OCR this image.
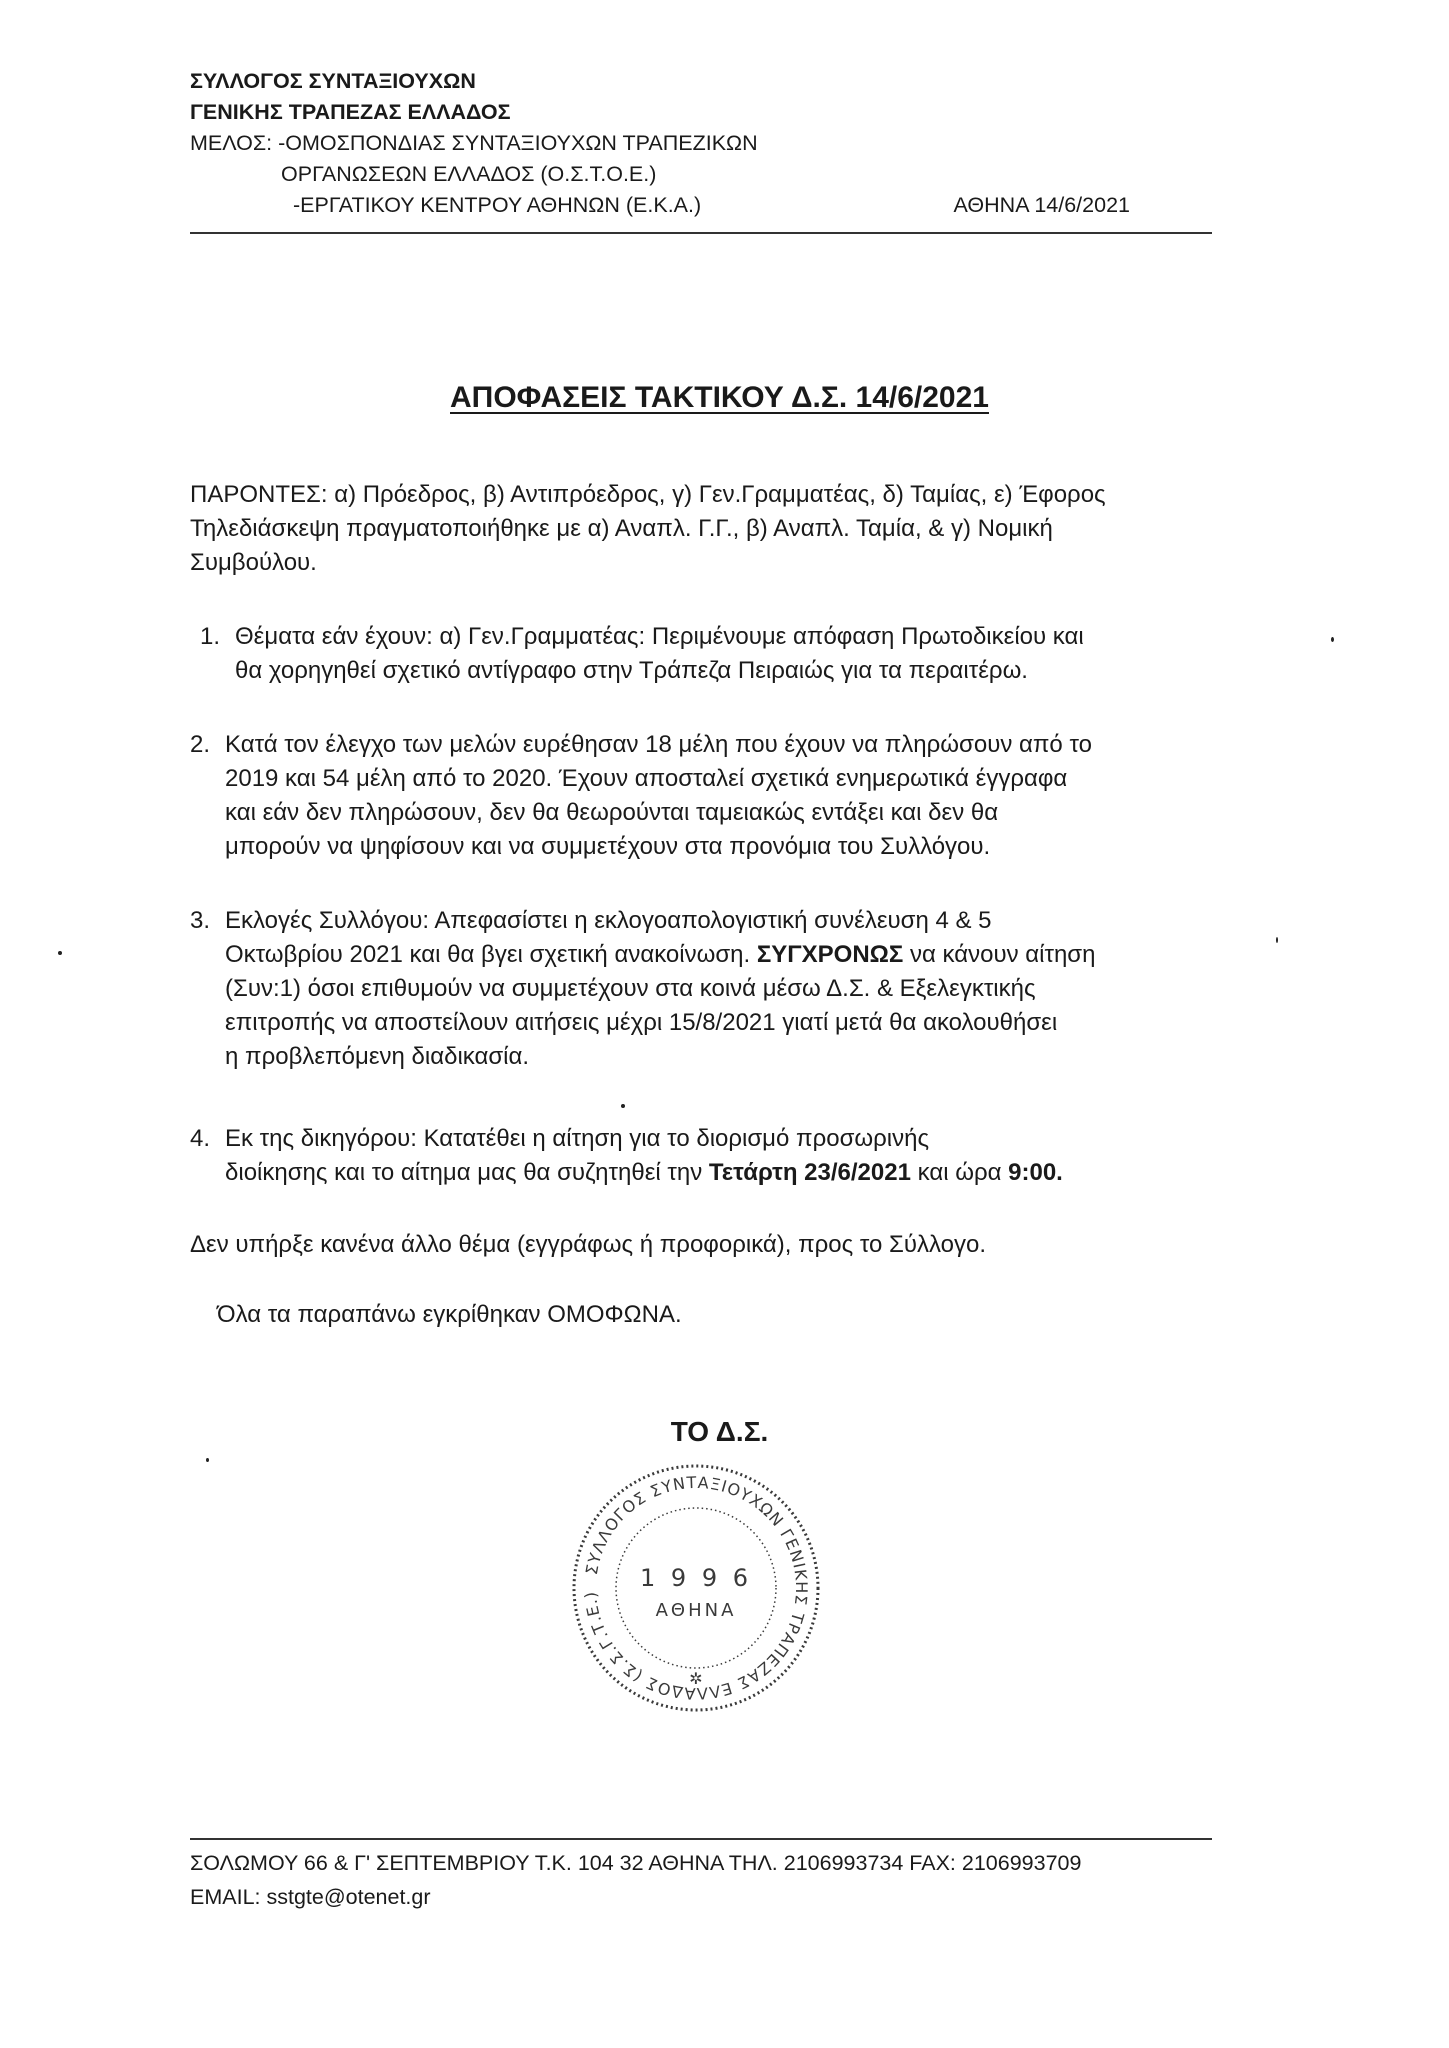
ΣΥΛΛΟΓΟΣ ΣΥΝΤΑΞΙΟΥΧΩΝ
ΓΕΝΙΚΗΣ ΤΡΑΠΕΖΑΣ ΕΛΛΑΔΟΣ
ΜΕΛΟΣ: -ΟΜΟΣΠΟΝΔΙΑΣ ΣΥΝΤΑΞΙΟΥΧΩΝ ΤΡΑΠΕΖΙΚΩΝ
ΟΡΓΑΝΩΣΕΩΝ ΕΛΛΑΔΟΣ (Ο.Σ.Τ.Ο.Ε.)
-ΕΡΓΑΤΙΚΟΥ ΚΕΝΤΡΟΥ ΑΘΗΝΩΝ (Ε.Κ.Α.)	ΑΘΗΝΑ 14/6/2021
ΑΠΟΦΑΣΕΙΣ ΤΑΚΤΙΚΟΥ Δ.Σ. 14/6/2021
ΠΑΡΟΝΤΕΣ: α) Πρόεδρος, β) Αντιπρόεδρος, γ) Γεν.Γραμματέας, δ) Ταμίας, ε) Έφορος
Τηλεδιάσκεψη πραγματοποιήθηκε με α) Αναπλ. Γ.Γ., β) Αναπλ. Ταμία, & γ) Νομική
Συμβούλου.
1. Θέματα εάν έχουν: α) Γεν.Γραμματέας: Περιμένουμε απόφαση Πρωτοδικείου και
θα χορηγηθεί σχετικό αντίγραφο στην Τράπεζα Πειραιώς για τα περαιτέρω.
2. Κατά τον έλεγχο των μελών ευρέθησαν 18 μέλη που έχουν να πληρώσουν από το
2019 και 54 μέλη από το 2020. Έχουν αποσταλεί σχετικά ενημερωτικά έγγραφα
και εάν δεν πληρώσουν, δεν θα θεωρούνται ταμειακώς εντάξει και δεν θα
μπορούν να ψηφίσουν και να συμμετέχουν στα προνόμια του Συλλόγου.
3. Εκλογές Συλλόγου: Απεφασίστει η εκλογοαπολογιστική συνέλευση 4 & 5
Οκτωβρίου 2021 και θα βγει σχετική ανακοίνωση. ΣΥΓΧΡΟΝΩΣ να κάνουν αίτηση
(Συν:1) όσοι επιθυμούν να συμμετέχουν στα κοινά μέσω Δ.Σ. & Εξελεγκτικής
επιτροπής να αποστείλουν αιτήσεις μέχρι 15/8/2021 γιατί μετά θα ακολουθήσει
η προβλεπόμενη διαδικασία.
4. Εκ της δικηγόρου: Κατατέθει η αίτηση για το διορισμό προσωρινής
διοίκησης και το αίτημα μας θα συζητηθεί την Τετάρτη 23/6/2021 και ώρα 9:00.
Δεν υπήρξε κανένα άλλο θέμα (εγγράφως ή προφορικά), προς το Σύλλογο.
Όλα τα παραπάνω εγκρίθηκαν ΟΜΟΦΩΝΑ.
ΤΟ Δ.Σ.
ΣΥΛΛΟΓΟΣ ΣΥΝΤΑΞΙΟΥΧΩΝ ΓΕΝΙΚΗΣ ΤΡΑΠΕΖΑΣ ΕΛΛΑΔΟΣ (Σ.Σ.Γ.Τ.Ε.)
1 9 9 6
ΑΘΗΝΑ
✲
ΣΟΛΩΜΟΥ 66 & Γ' ΣΕΠΤΕΜΒΡΙΟΥ Τ.Κ. 104 32 ΑΘΗΝΑ ΤΗΛ. 2106993734 FAX: 2106993709
EMAIL: sstgte@otenet.gr
